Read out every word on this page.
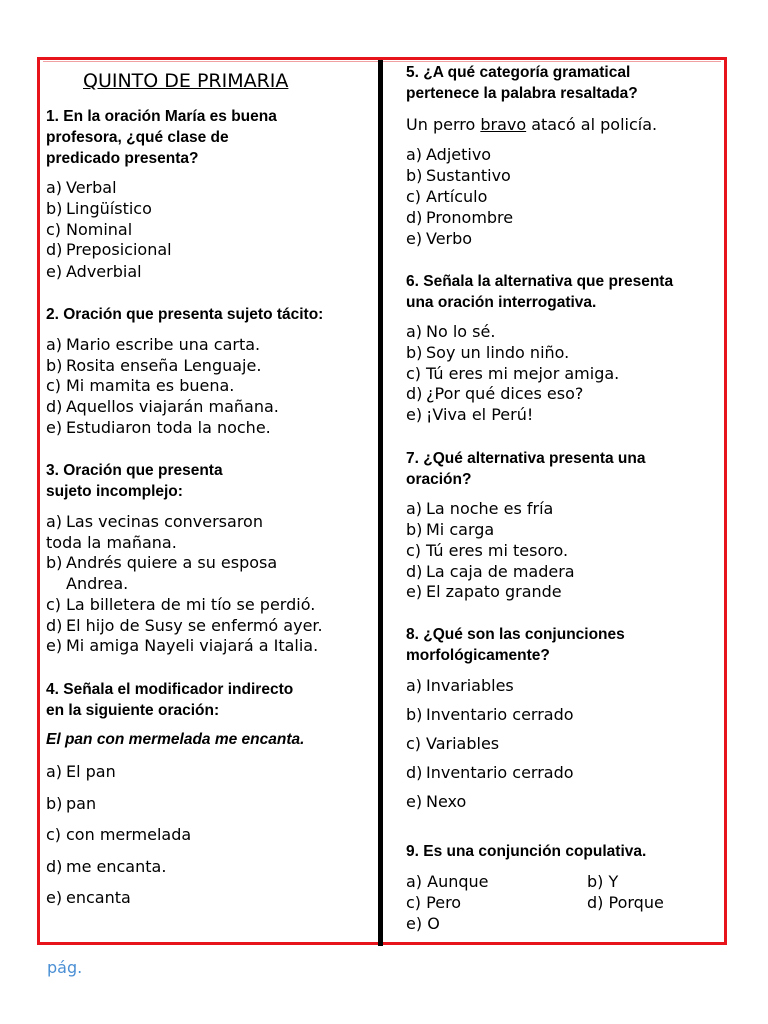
QUINTO DE PRIMARIA
1. En la oración María es buena
profesora, ¿qué clase de
predicado presenta?
a) Verbal
b) Lingüístico
c) Nominal
d) Preposicional
e) Adverbial
2. Oración que presenta sujeto tácito:
a) Mario escribe una carta.
b) Rosita enseña Lenguaje.
c) Mi mamita es buena.
d) Aquellos viajarán mañana.
e) Estudiaron toda la noche.
3. Oración que presenta
sujeto incomplejo:
a) Las vecinas conversaron
toda la mañana.
b) Andrés quiere a su esposa
Andrea.
c) La billetera de mi tío se perdió.
d) El hijo de Susy se enfermó ayer.
e) Mi amiga Nayeli viajará a Italia.
4. Señala el modificador indirecto
en la siguiente oración:
El pan con mermelada me encanta.
a) El pan
b) pan
c) con mermelada
d) me encanta.
e) encanta
5. ¿A qué categoría gramatical
pertenece la palabra resaltada?
Un perro bravo atacó al policía.
a) Adjetivo
b) Sustantivo
c) Artículo
d) Pronombre
e) Verbo
6. Señala la alternativa que presenta
una oración interrogativa.
a) No lo sé.
b) Soy un lindo niño.
c) Tú eres mi mejor amiga.
d) ¿Por qué dices eso?
e) ¡Viva el Perú!
7. ¿Qué alternativa presenta una
oración?
a) La noche es fría
b) Mi carga
c) Tú eres mi tesoro.
d) La caja de madera
e) El zapato grande
8. ¿Qué son las conjunciones
morfológicamente?
a) Invariables
b) Inventario cerrado
c) Variables
d) Inventario cerrado
e) Nexo
9. Es una conjunción copulativa.
a) Aunque	b) Y
c) Pero	d) Porque
e) O
pág.
